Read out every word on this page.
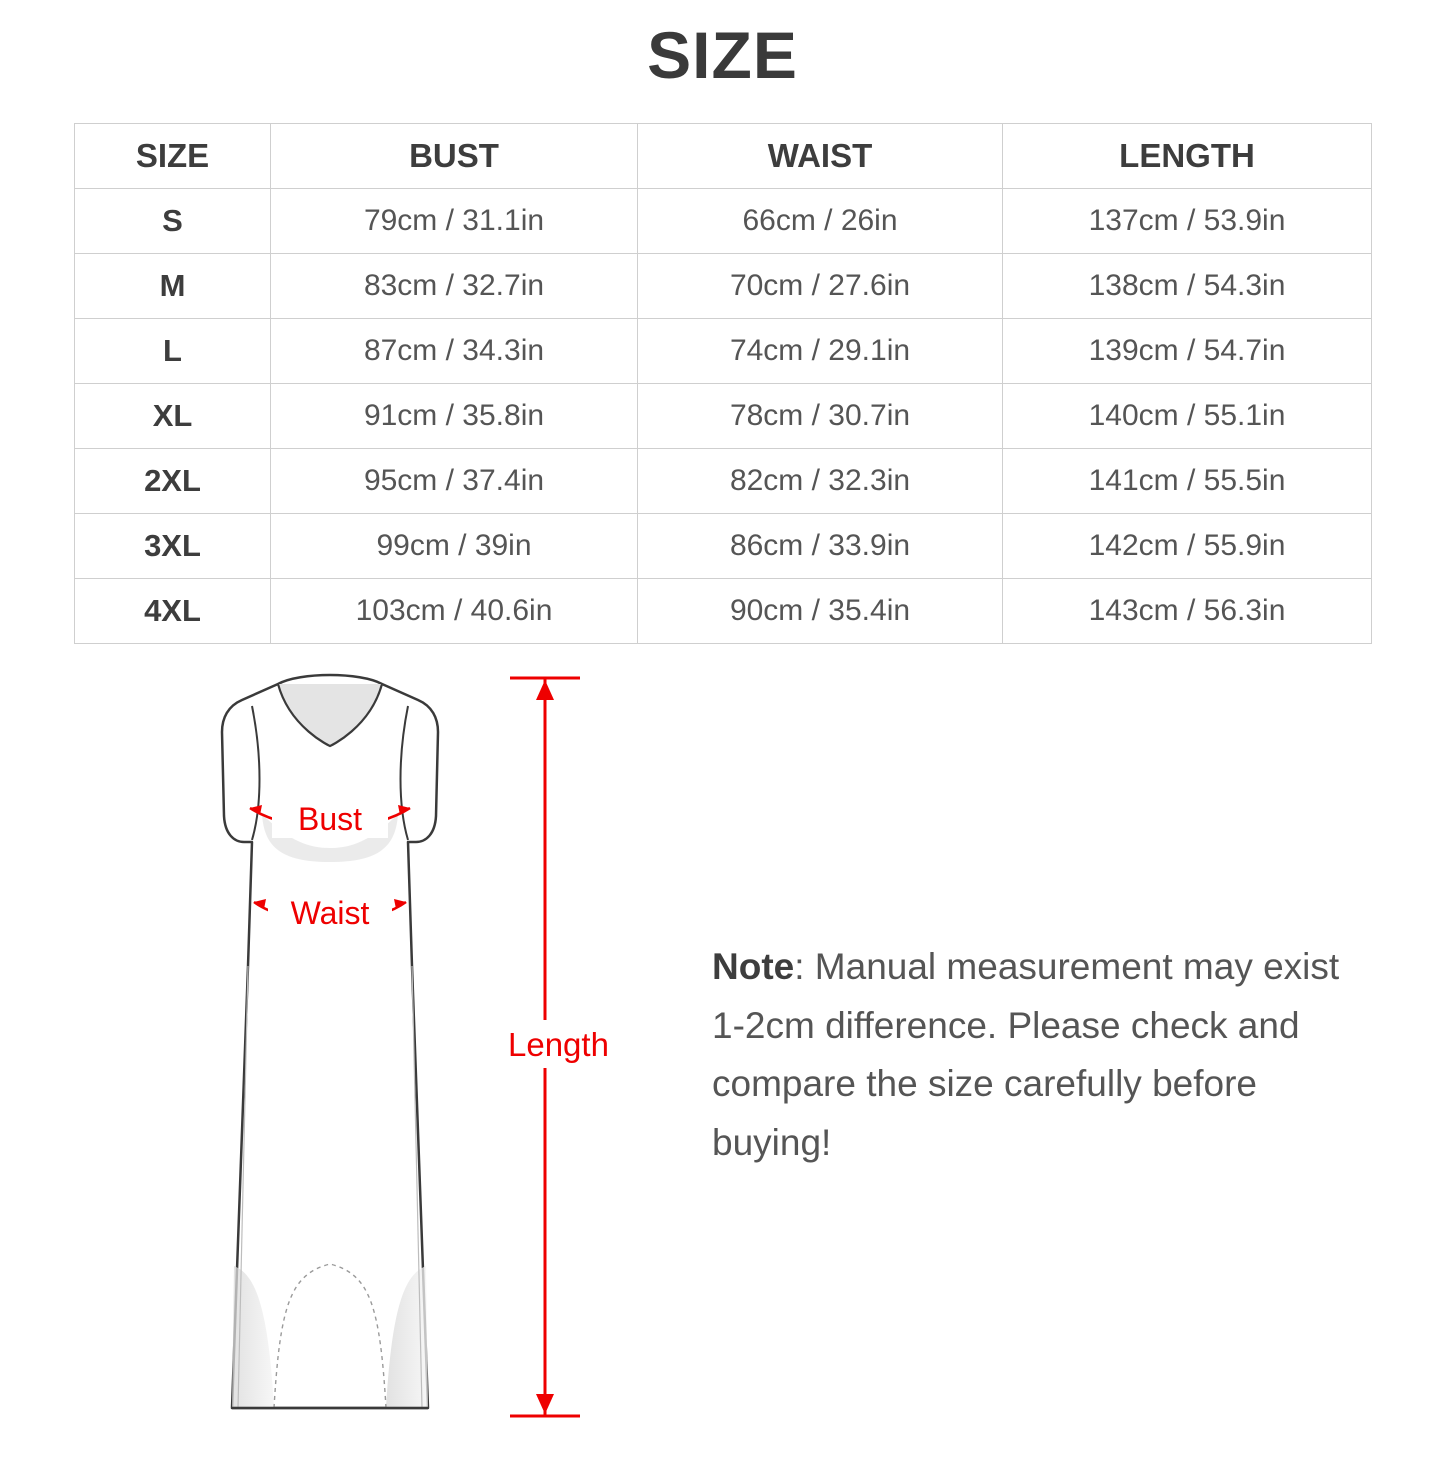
SIZE
SIZE	BUST	WAIST	LENGTH
S	79cm / 31.1in	66cm / 26in	137cm / 53.9in
M	83cm / 32.7in	70cm / 27.6in	138cm / 54.3in
L	87cm / 34.3in	74cm / 29.1in	139cm / 54.7in
XL	91cm / 35.8in	78cm / 30.7in	140cm / 55.1in
2XL	95cm / 37.4in	82cm / 32.3in	141cm / 55.5in
3XL	99cm / 39in	86cm / 33.9in	142cm / 55.9in
4XL	103cm / 40.6in	90cm / 35.4in	143cm / 56.3in
Bust
Waist
Length
Note: Manual measurement may exist 1-2cm difference. Please check and compare the size carefully before buying!
